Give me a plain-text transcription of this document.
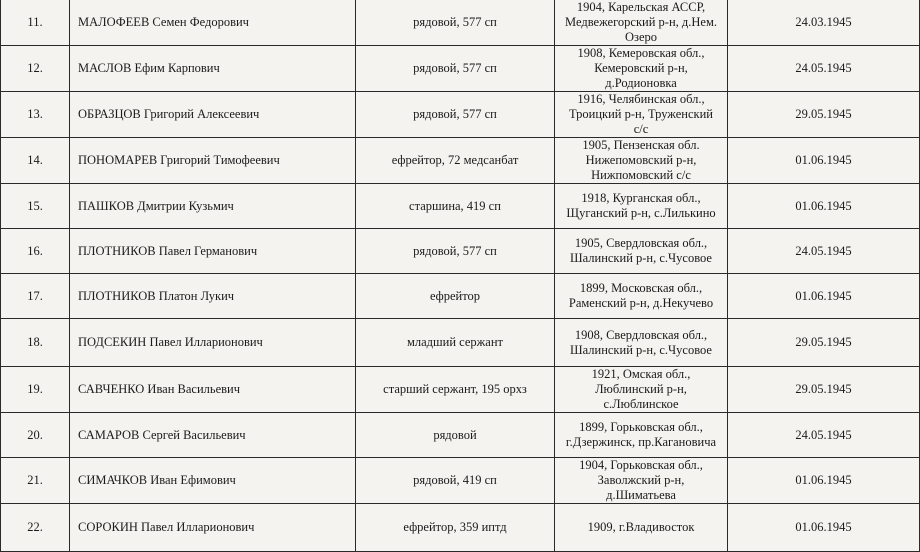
11.	МАЛОФЕЕВ Семен Федорович	рядовой, 577 сп	1904, Карельская АССР, Медвежегорский р-н, д.Нем. Озеро	24.03.1945
12.	МАСЛОВ Ефим Карпович	рядовой, 577 сп	1908, Кемеровская обл., Кемеровский р-н, д.Родионовка	24.05.1945
13.	ОБРАЗЦОВ Григорий Алексеевич	рядовой, 577 сп	1916, Челябинская обл., Троицкий р-н, Труженский с/с	29.05.1945
14.	ПОНОМАРЕВ Григорий Тимофеевич	ефрейтор, 72 медсанбат	1905, Пензенская обл. Нижепомовский р-н, Нижпомовский с/с	01.06.1945
15.	ПАШКОВ Дмитрии Кузьмич	старшина, 419 сп	1918, Курганская обл., Щуганский р-н, с.Лилькино	01.06.1945
16.	ПЛОТНИКОВ Павел Германович	рядовой, 577 сп	1905, Свердловская обл., Шалинский р-н, с.Чусовое	24.05.1945
17.	ПЛОТНИКОВ Платон Лукич	ефрейтор	1899, Московская обл., Раменский р-н, д.Некучево	01.06.1945
18.	ПОДСЕКИН Павел Илларионович	младший сержант	1908, Свердловская обл., Шалинский р-н, с.Чусовое	29.05.1945
19.	САВЧЕНКО Иван Васильевич	старший сержант, 195 орхз	1921, Омская обл., Люблинский р-н, с.Люблинское	29.05.1945
20.	САМАРОВ Сергей Васильевич	рядовой	1899, Горьковская обл., г.Дзержинск, пр.Кагановича	24.05.1945
21.	СИМАЧКОВ Иван Ефимович	рядовой, 419 сп	1904, Горьковская обл., Заволжский р-н, д.Шиматьева	01.06.1945
22.	СОРОКИН Павел Илларионович	ефрейтор, 359 иптд	1909, г.Владивосток	01.06.1945
